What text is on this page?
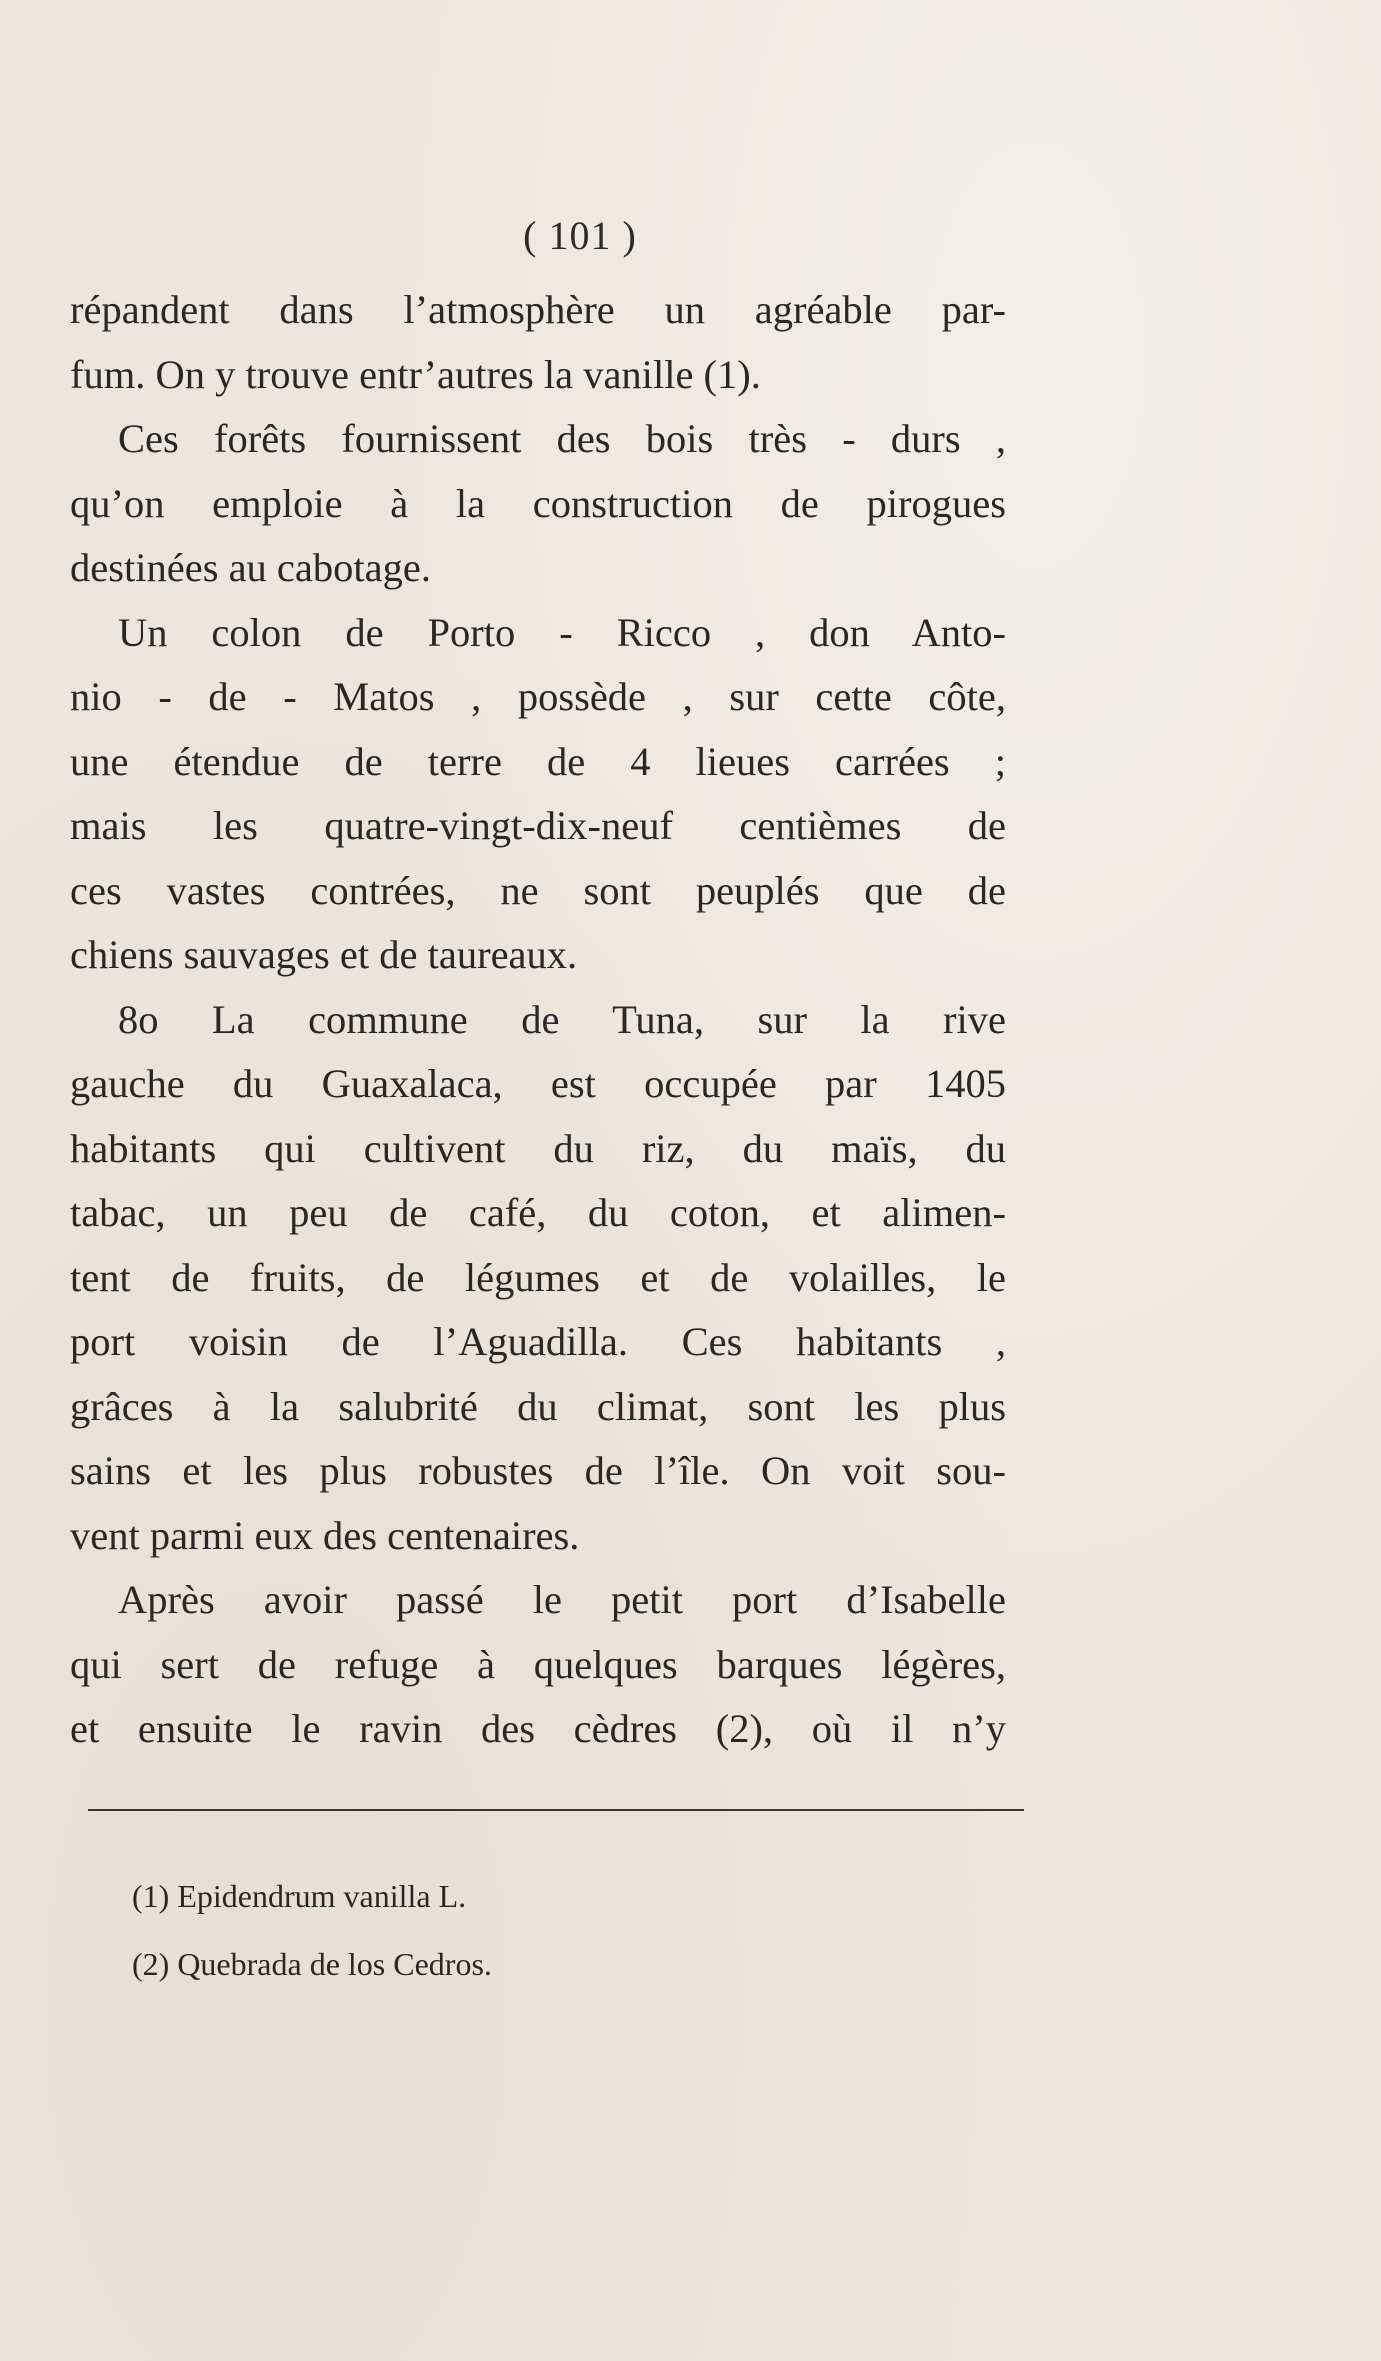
( 101 )
répandent dans l’atmosphère un agréable par-
fum. On y trouve entr’autres la vanille (1).
Ces forêts fournissent des bois très - durs ,
qu’on emploie à la construction de pirogues
destinées au cabotage.
Un colon de Porto - Ricco , don Anto-
nio - de - Matos , possède , sur cette côte,
une étendue de terre de 4 lieues carrées ;
mais les quatre-vingt-dix-neuf centièmes de
ces vastes contrées, ne sont peuplés que de
chiens sauvages et de taureaux.
8o La commune de Tuna, sur la rive
gauche du Guaxalaca, est occupée par 1405
habitants qui cultivent du riz, du maïs, du
tabac, un peu de café, du coton, et alimen-
tent de fruits, de légumes et de volailles, le
port voisin de l’Aguadilla. Ces habitants ,
grâces à la salubrité du climat, sont les plus
sains et les plus robustes de l’île. On voit sou-
vent parmi eux des centenaires.
Après avoir passé le petit port d’Isabelle
qui sert de refuge à quelques barques légères,
et ensuite le ravin des cèdres (2), où il n’y
(1) Epidendrum vanilla L.
(2) Quebrada de los Cedros.
